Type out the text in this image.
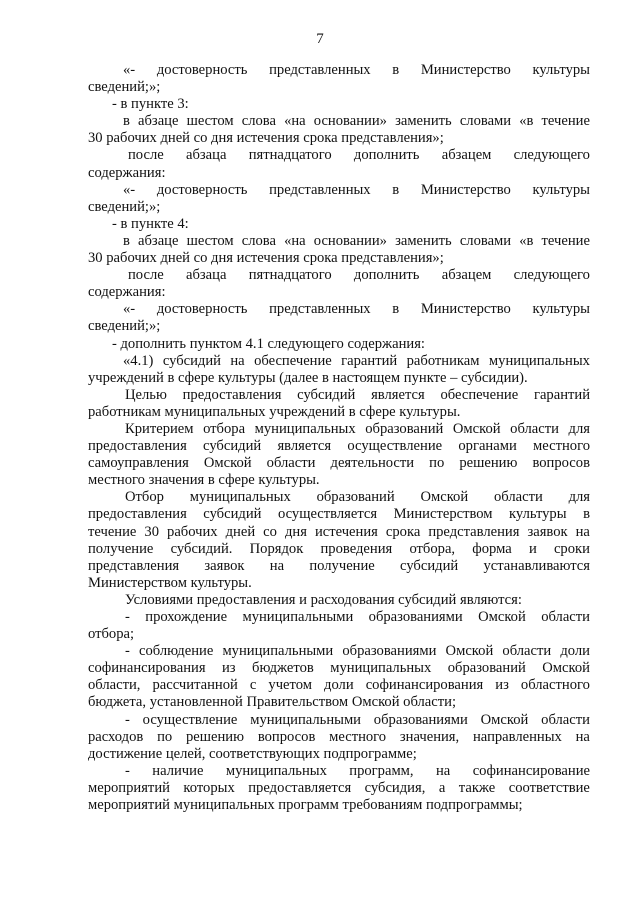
7
«- достоверность представленных в Министерство культуры
сведений;»;
- в пункте 3:
в абзаце шестом слова «на основании» заменить словами «в течение
30 рабочих дней со дня истечения срока представления»;
после абзаца пятнадцатого дополнить абзацем следующего
содержания:
«- достоверность представленных в Министерство культуры
сведений;»;
- в пункте 4:
в абзаце шестом слова «на основании» заменить словами «в течение
30 рабочих дней со дня истечения срока представления»;
после абзаца пятнадцатого дополнить абзацем следующего
содержания:
«- достоверность представленных в Министерство культуры
сведений;»;
- дополнить пунктом 4.1 следующего содержания:
«4.1) субсидий на обеспечение гарантий работникам муниципальных
учреждений в сфере культуры (далее в настоящем пункте – субсидии).
Целью предоставления субсидий является обеспечение гарантий
работникам муниципальных учреждений в сфере культуры.
Критерием отбора муниципальных образований Омской области для
предоставления субсидий является осуществление органами местного
самоуправления Омской области деятельности по решению вопросов
местного значения в сфере культуры.
Отбор муниципальных образований Омской области для
предоставления субсидий осуществляется Министерством культуры в
течение 30 рабочих дней со дня истечения срока представления заявок на
получение субсидий. Порядок проведения отбора, форма и сроки
представления заявок на получение субсидий устанавливаются
Министерством культуры.
Условиями предоставления и расходования субсидий являются:
- прохождение муниципальными образованиями Омской области
отбора;
- соблюдение муниципальными образованиями Омской области доли
софинансирования из бюджетов муниципальных образований Омской
области, рассчитанной с учетом доли софинансирования из областного
бюджета, установленной Правительством Омской области;
- осуществление муниципальными образованиями Омской области
расходов по решению вопросов местного значения, направленных на
достижение целей, соответствующих подпрограмме;
- наличие муниципальных программ, на софинансирование
мероприятий которых предоставляется субсидия, а также соответствие
мероприятий муниципальных программ требованиям подпрограммы;
